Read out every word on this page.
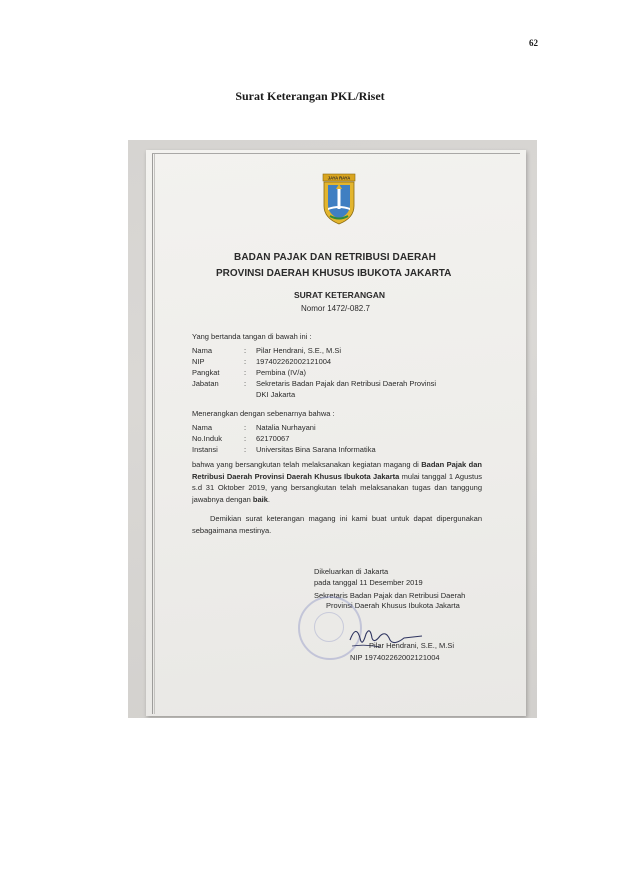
62
Surat Keterangan PKL/Riset
JAYA RAYA
BADAN PAJAK DAN RETRIBUSI DAERAH
PROVINSI DAERAH KHUSUS IBUKOTA JAKARTA
SURAT KETERANGAN
Nomor 1472/-082.7
Yang bertanda tangan di bawah ini :
Nama	: Pilar Hendrani, S.E., M.Si
NIP	: 197402262002121004
Pangkat	: Pembina (IV/a)
Jabatan	: Sekretaris Badan Pajak dan Retribusi Daerah Provinsi
DKI Jakarta
Menerangkan dengan sebenarnya bahwa :
Nama	: Natalia Nurhayani
No.Induk	: 62170067
Instansi	: Universitas Bina Sarana Informatika
bahwa yang bersangkutan telah melaksanakan kegiatan magang di Badan Pajak dan Retribusi Daerah Provinsi Daerah Khusus Ibukota Jakarta mulai tanggal 1 Agustus s.d 31 Oktober 2019, yang bersangkutan telah melaksanakan tugas dan tanggung jawabnya dengan baik.
Demikian surat keterangan magang ini kami buat untuk dapat dipergunakan sebagaimana mestinya.
Dikeluarkan di Jakarta
pada tanggal 11 Desember 2019
Sekretaris Badan Pajak dan Retribusi Daerah
Provinsi Daerah Khusus Ibukota Jakarta
Pilar Hendrani, S.E., M.Si
NIP 197402262002121004
